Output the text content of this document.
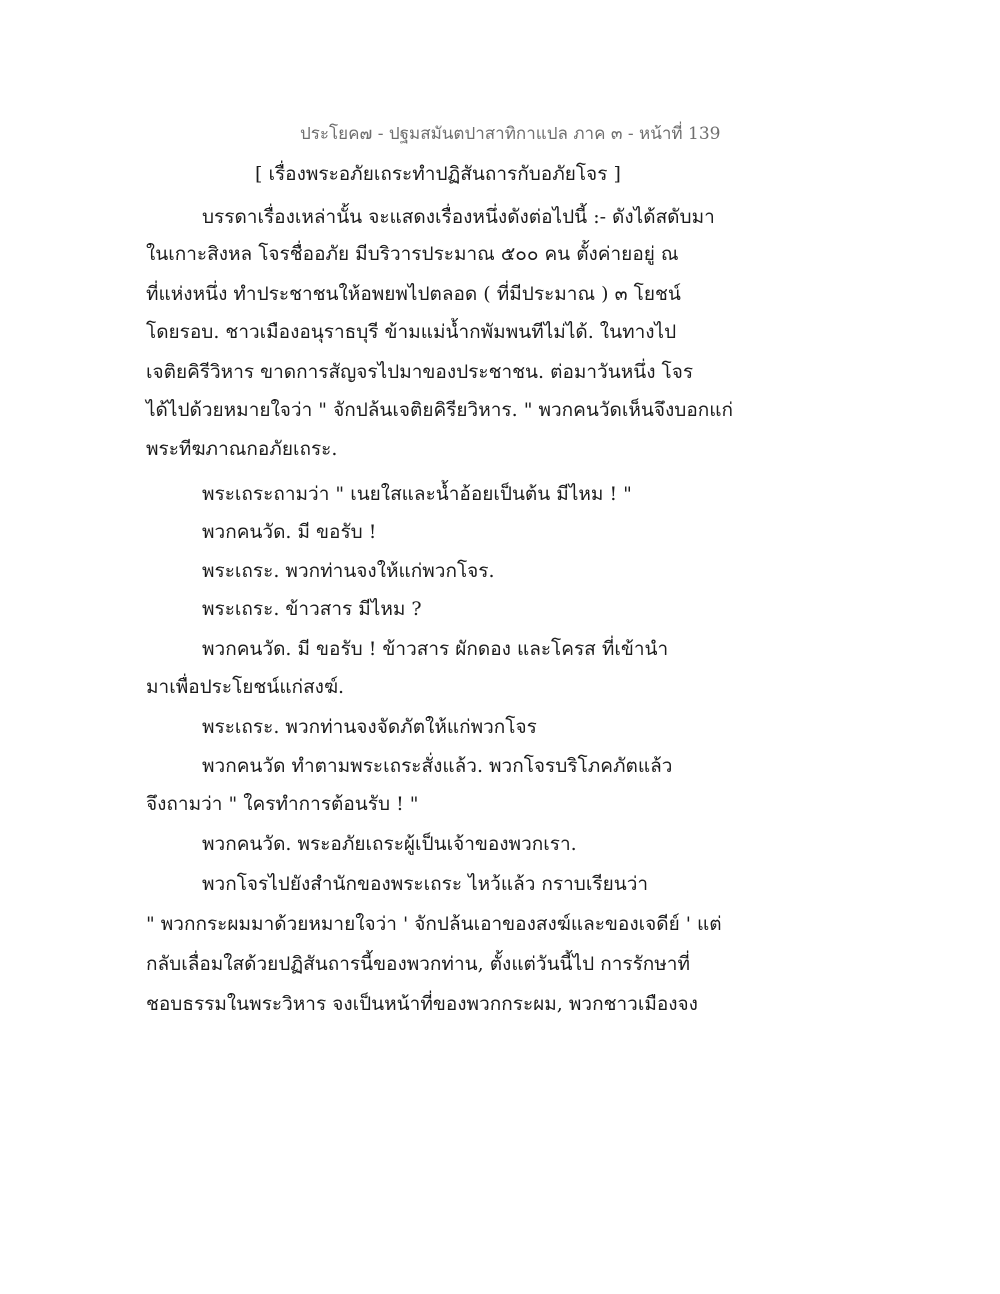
ประโยค๗ - ปฐมสมันตปาสาทิกาแปล ภาค ๓ - หน้าที่ 139
[ เรื่องพระอภัยเถระทำปฏิสันถารกับอภัยโจร ]
บรรดาเรื่องเหล่านั้น จะแสดงเรื่องหนึ่งดังต่อไปนี้ :- ดังได้สดับมา
ในเกาะสิงหล โจรชื่ออภัย มีบริวารประมาณ ๕๐๐ คน ตั้งค่ายอยู่ ณ
ที่แห่งหนึ่ง ทำประชาชนให้อพยพไปตลอด ( ที่มีประมาณ ) ๓ โยชน์
โดยรอบ. ชาวเมืองอนุราธบุรี ข้ามแม่น้ำกพัมพนทีไม่ได้. ในทางไป
เจติยคิรีวิหาร ขาดการสัญจรไปมาของประชาชน. ต่อมาวันหนึ่ง โจร
ได้ไปด้วยหมายใจว่า " จักปล้นเจติยคิรียวิหาร. " พวกคนวัดเห็นจึงบอกแก่
พระทีฆภาณกอภัยเถระ.
พระเถระถามว่า " เนยใสและน้ำอ้อยเป็นต้น มีไหม ! "
พวกคนวัด. มี ขอรับ !
พระเถระ. พวกท่านจงให้แก่พวกโจร.
พระเถระ. ข้าวสาร มีไหม ?
พวกคนวัด. มี ขอรับ ! ข้าวสาร ผักดอง และโครส ที่เข้านำ
มาเพื่อประโยชน์แก่สงฆ์.
พระเถระ. พวกท่านจงจัดภัตให้แก่พวกโจร
พวกคนวัด ทำตามพระเถระสั่งแล้ว. พวกโจรบริโภคภัตแล้ว
จึงถามว่า " ใครทำการต้อนรับ ! "
พวกคนวัด. พระอภัยเถระผู้เป็นเจ้าของพวกเรา.
พวกโจรไปยังสำนักของพระเถระ ไหว้แล้ว กราบเรียนว่า
" พวกกระผมมาด้วยหมายใจว่า ' จักปล้นเอาของสงฆ์และของเจดีย์ ' แต่
กลับเลื่อมใสด้วยปฏิสันถารนี้ของพวกท่าน, ตั้งแต่วันนี้ไป การรักษาที่
ชอบธรรมในพระวิหาร จงเป็นหน้าที่ของพวกกระผม, พวกชาวเมืองจง
